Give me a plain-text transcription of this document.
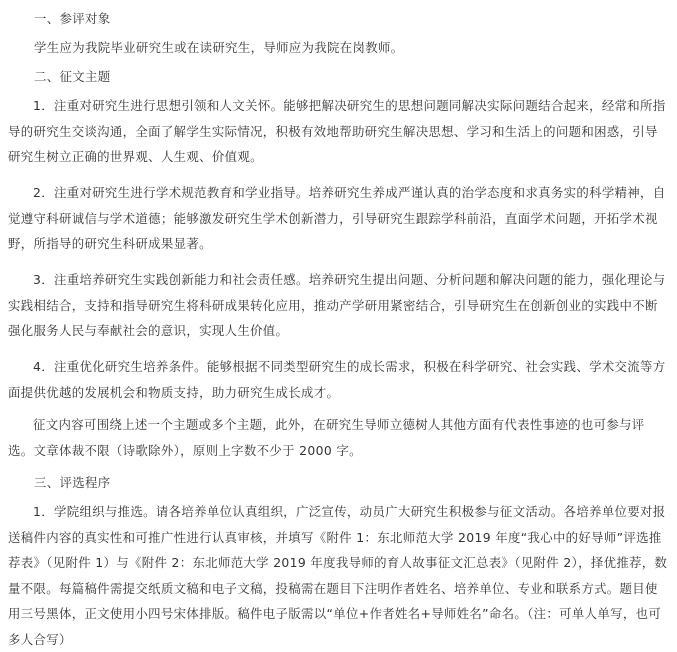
一、参评对象
学生应为我院毕业研究生或在读研究生，导师应为我院在岗教师。
二、征文主题
1．注重对研究生进行思想引领和人文关怀。能够把解决研究生的思想问题同解决实际问题结合起来，经常和所指导的研究生交谈沟通，全面了解学生实际情况，积极有效地帮助研究生解决思想、学习和生活上的问题和困惑，引导研究生树立正确的世界观、人生观、价值观。
2．注重对研究生进行学术规范教育和学业指导。培养研究生养成严谨认真的治学态度和求真务实的科学精神，自觉遵守科研诚信与学术道德；能够激发研究生学术创新潜力，引导研究生跟踪学科前沿，直面学术问题，开拓学术视野，所指导的研究生科研成果显著。
3．注重培养研究生实践创新能力和社会责任感。培养研究生提出问题、分析问题和解决问题的能力，强化理论与实践相结合，支持和指导研究生将科研成果转化应用，推动产学研用紧密结合，引导研究生在创新创业的实践中不断强化服务人民与奉献社会的意识，实现人生价值。
4．注重优化研究生培养条件。能够根据不同类型研究生的成长需求，积极在科学研究、社会实践、学术交流等方面提供优越的发展机会和物质支持，助力研究生成长成才。
征文内容可围绕上述一个主题或多个主题，此外，在研究生导师立德树人其他方面有代表性事迹的也可参与评选。文章体裁不限（诗歌除外），原则上字数不少于 2000 字。
三、评选程序
1．学院组织与推选。请各培养单位认真组织，广泛宣传，动员广大研究生积极参与征文活动。各培养单位要对报送稿件内容的真实性和可推广性进行认真审核，并填写《附件 1：东北师范大学 2019 年度“我心中的好导师”评选推荐表》（见附件 1）与《附件 2：东北师范大学 2019 年度我导师的育人故事征文汇总表》（见附件 2），择优推荐，数量不限。每篇稿件需提交纸质文稿和电子文稿，投稿需在题目下注明作者姓名、培养单位、专业和联系方式。题目使用三号黑体，正文使用小四号宋体排版。稿件电子版需以“单位+作者姓名+导师姓名”命名。（注：可单人单写，也可多人合写）
